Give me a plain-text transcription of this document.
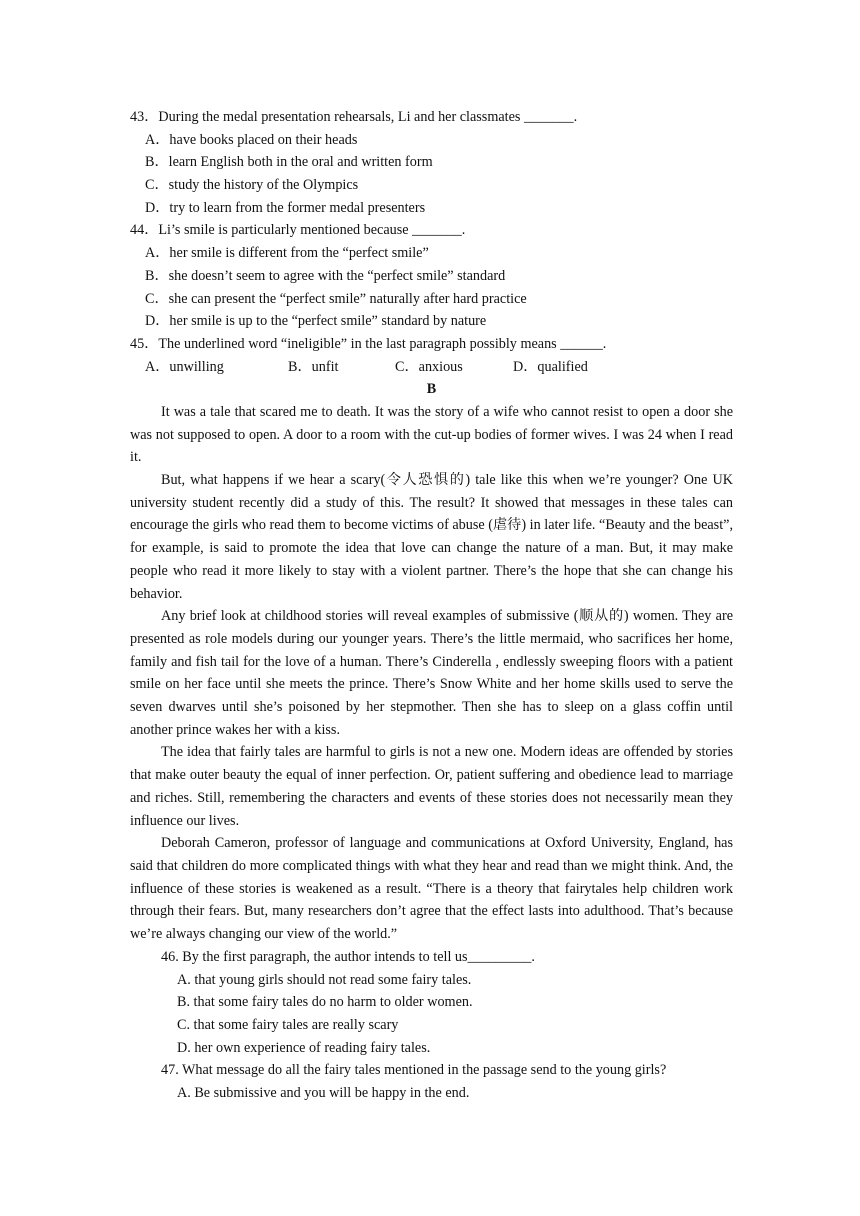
43．During the medal presentation rehearsals, Li and her classmates _______.
A．have books placed on their heads
B．learn English both in the oral and written form
C．study the history of the Olympics
D．try to learn from the former medal presenters
44．Li’s smile is particularly mentioned because _______.
A．her smile is different from the “perfect smile”
B．she doesn’t seem to agree with the “perfect smile” standard
C．she can present the “perfect smile” naturally after hard practice
D．her smile is up to the “perfect smile” standard by nature
45．The underlined word “ineligible” in the last paragraph possibly means ______.
A．unwilling	B．unfit	C．anxious	D．qualified
B

It was a tale that scared me to death. It was the story of a wife who cannot resist to open a door she was not supposed to open. A door to a room with the cut-up bodies of former wives. I was 24 when I read it.

But, what happens if we hear a scary(令人恐惧的) tale like this when we’re younger? One UK university student recently did a study of this. The result? It showed that messages in these tales can encourage the girls who read them to become victims of abuse (虐待) in later life. “Beauty and the beast”, for example, is said to promote the idea that love can change the nature of a man. But, it may make people who read it more likely to stay with a violent partner. There’s the hope that she can change his behavior.

Any brief look at childhood stories will reveal examples of submissive (顺从的) women. They are presented as role models during our younger years. There’s the little mermaid, who sacrifices her home, family and fish tail for the love of a human. There’s Cinderella , endlessly sweeping floors with a patient smile on her face until she meets the prince. There’s Snow White and her home skills used to serve the seven dwarves until she’s poisoned by her stepmother. Then she has to sleep on a glass coffin until another prince wakes her with a kiss.

The idea that fairly tales are harmful to girls is not a new one. Modern ideas are offended by stories that make outer beauty the equal of inner perfection. Or, patient suffering and obedience lead to marriage and riches. Still, remembering the characters and events of these stories does not necessarily mean they influence our lives.

Deborah Cameron, professor of language and communications at Oxford University, England, has said that children do more complicated things with what they hear and read than we might think. And, the influence of these stories is weakened as a result. “There is a theory that fairytales help children work through their fears. But, many researchers don’t agree that the effect lasts into adulthood. That’s because we’re always changing our view of the world.”

46. By the first paragraph, the author intends to tell us_________.
A. that young girls should not read some fairy tales.
B. that some fairy tales do no harm to older women.
C. that some fairy tales are really scary
D. her own experience of reading fairy tales.
47. What message do all the fairy tales mentioned in the passage send to the young girls?
A. Be submissive and you will be happy in the end.
